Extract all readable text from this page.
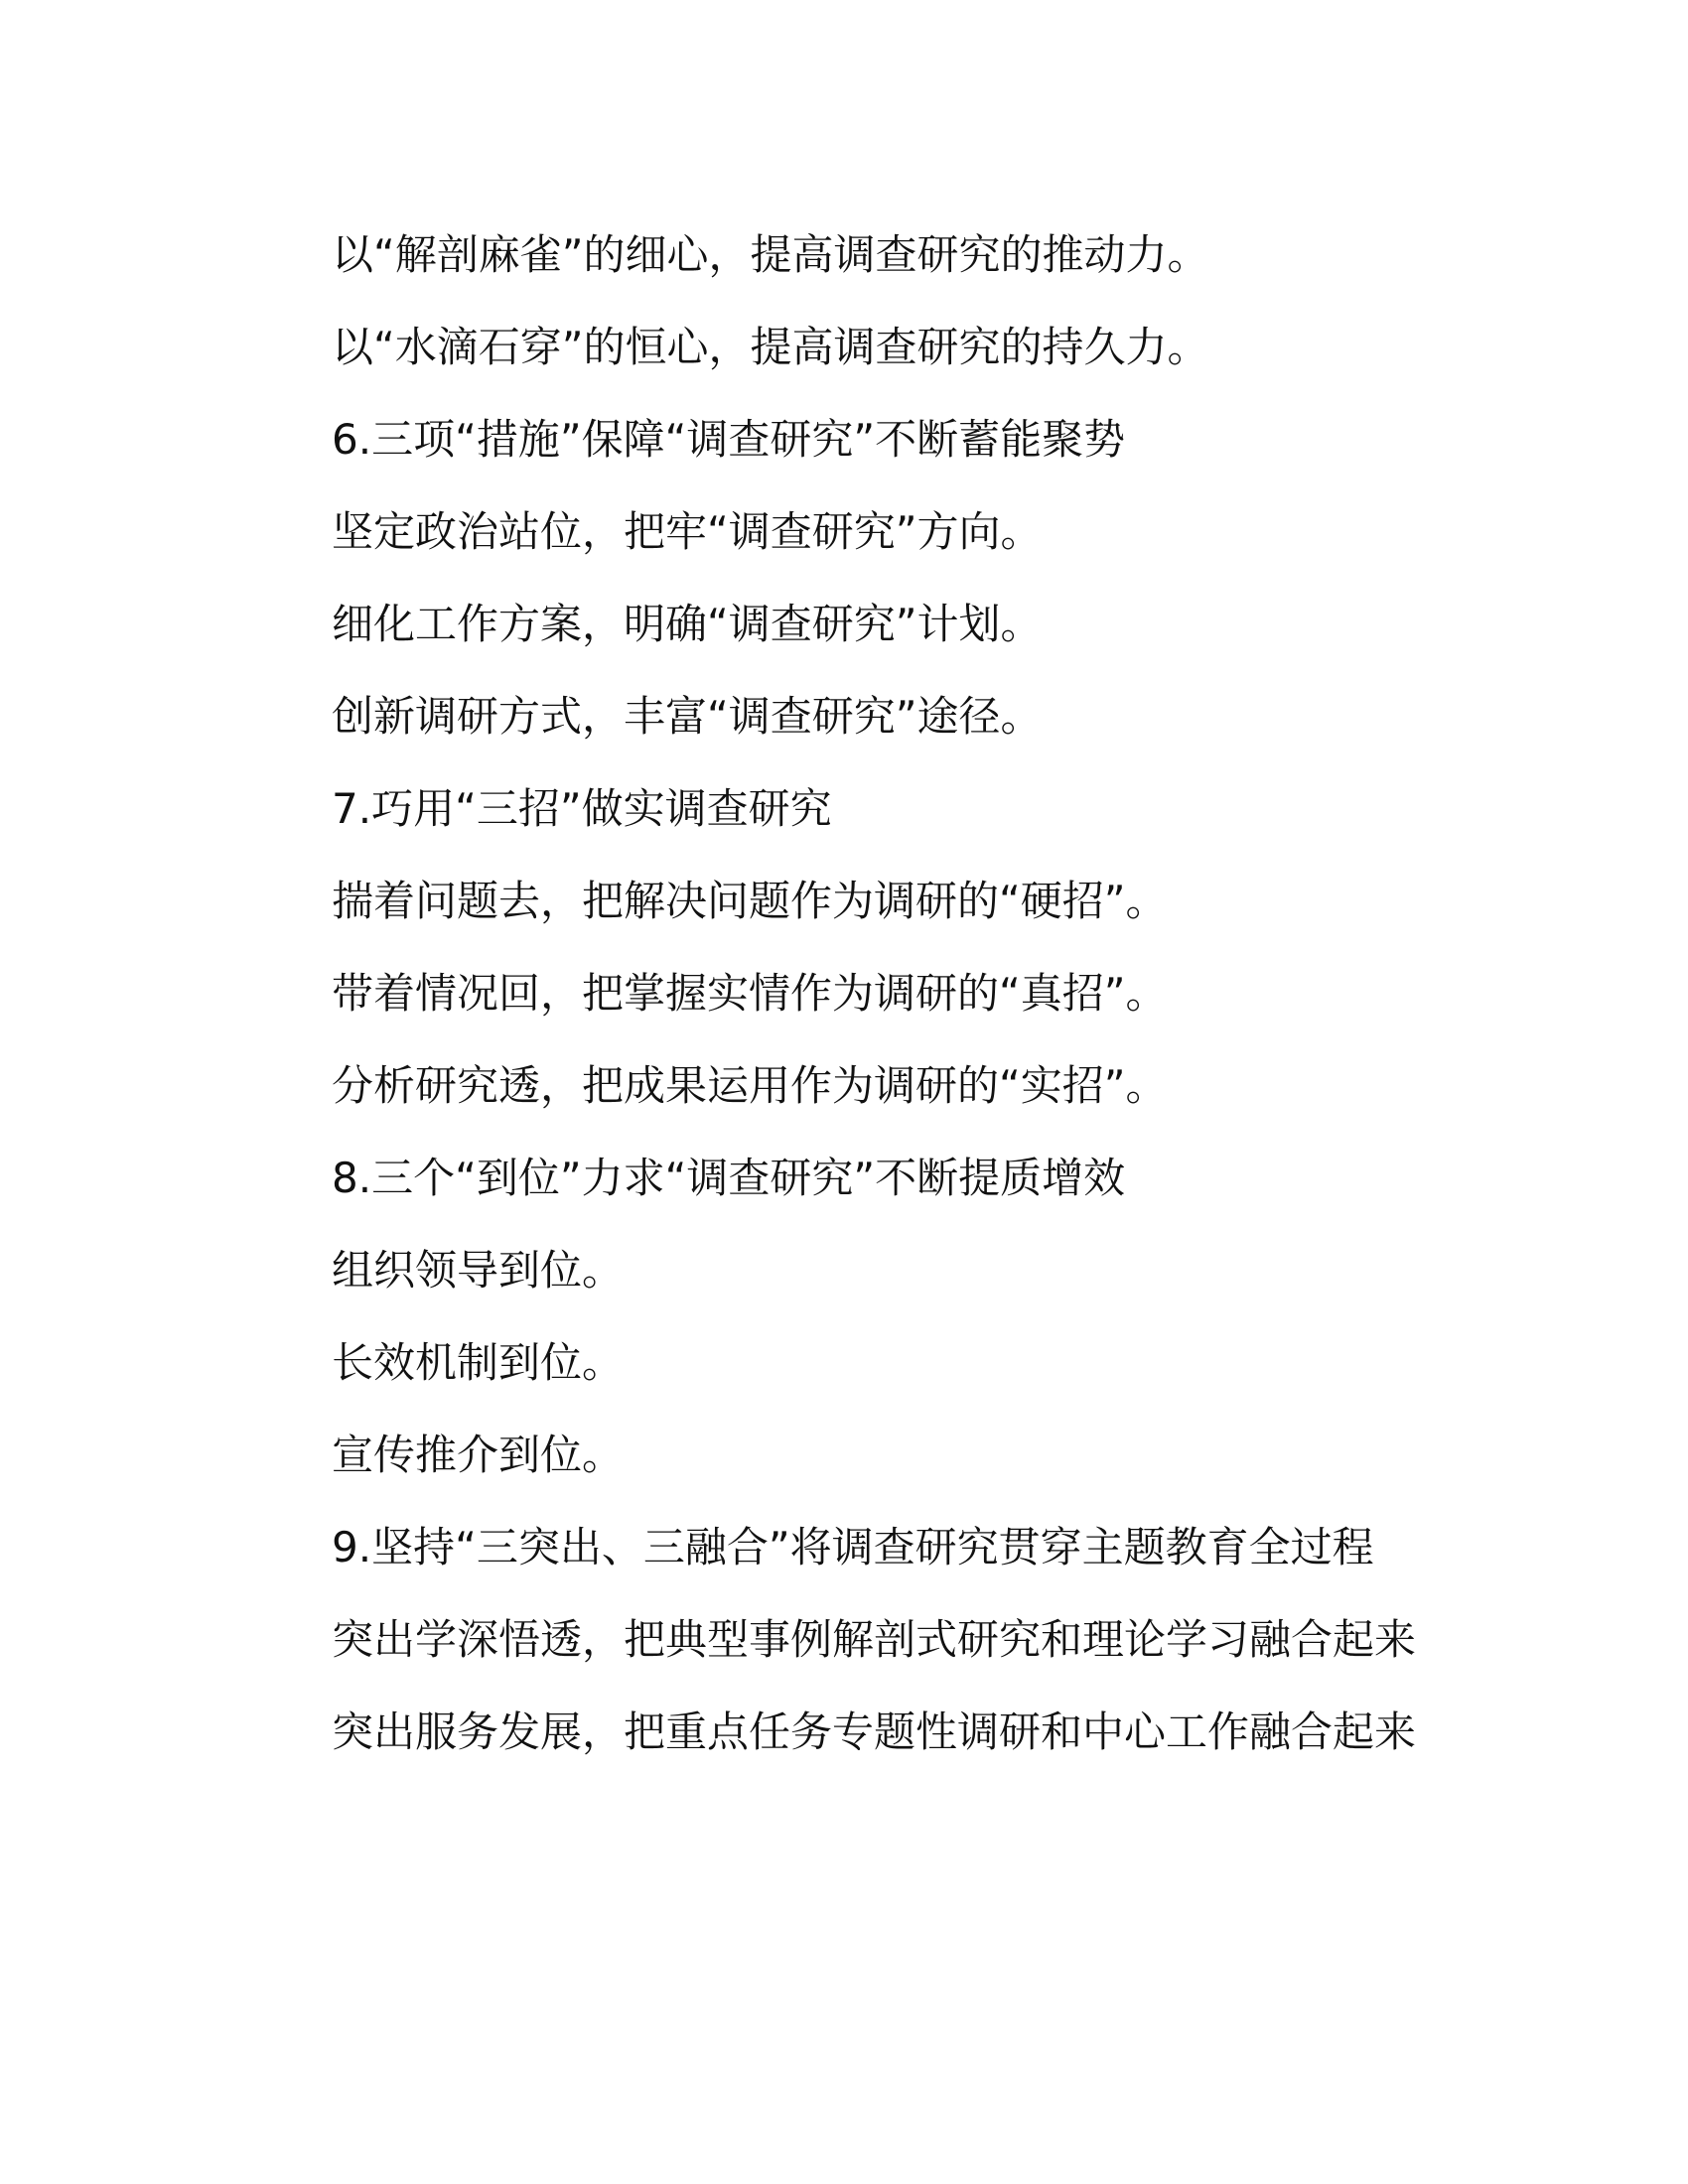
以“解剖麻雀”的细心，提高调查研究的推动力。

以“水滴石穿”的恒心，提高调查研究的持久力。

6.三项“措施”保障“调查研究”不断蓄能聚势

坚定政治站位，把牢“调查研究”方向。

细化工作方案，明确“调查研究”计划。

创新调研方式，丰富“调查研究”途径。

7.巧用“三招”做实调查研究

揣着问题去，把解决问题作为调研的“硬招”。

带着情况回，把掌握实情作为调研的“真招”。

分析研究透，把成果运用作为调研的“实招”。

8.三个“到位”力求“调查研究”不断提质增效

组织领导到位。

长效机制到位。

宣传推介到位。

9.坚持“三突出、三融合”将调查研究贯穿主题教育全过程

突出学深悟透，把典型事例解剖式研究和理论学习融合起来

突出服务发展，把重点任务专题性调研和中心工作融合起来
